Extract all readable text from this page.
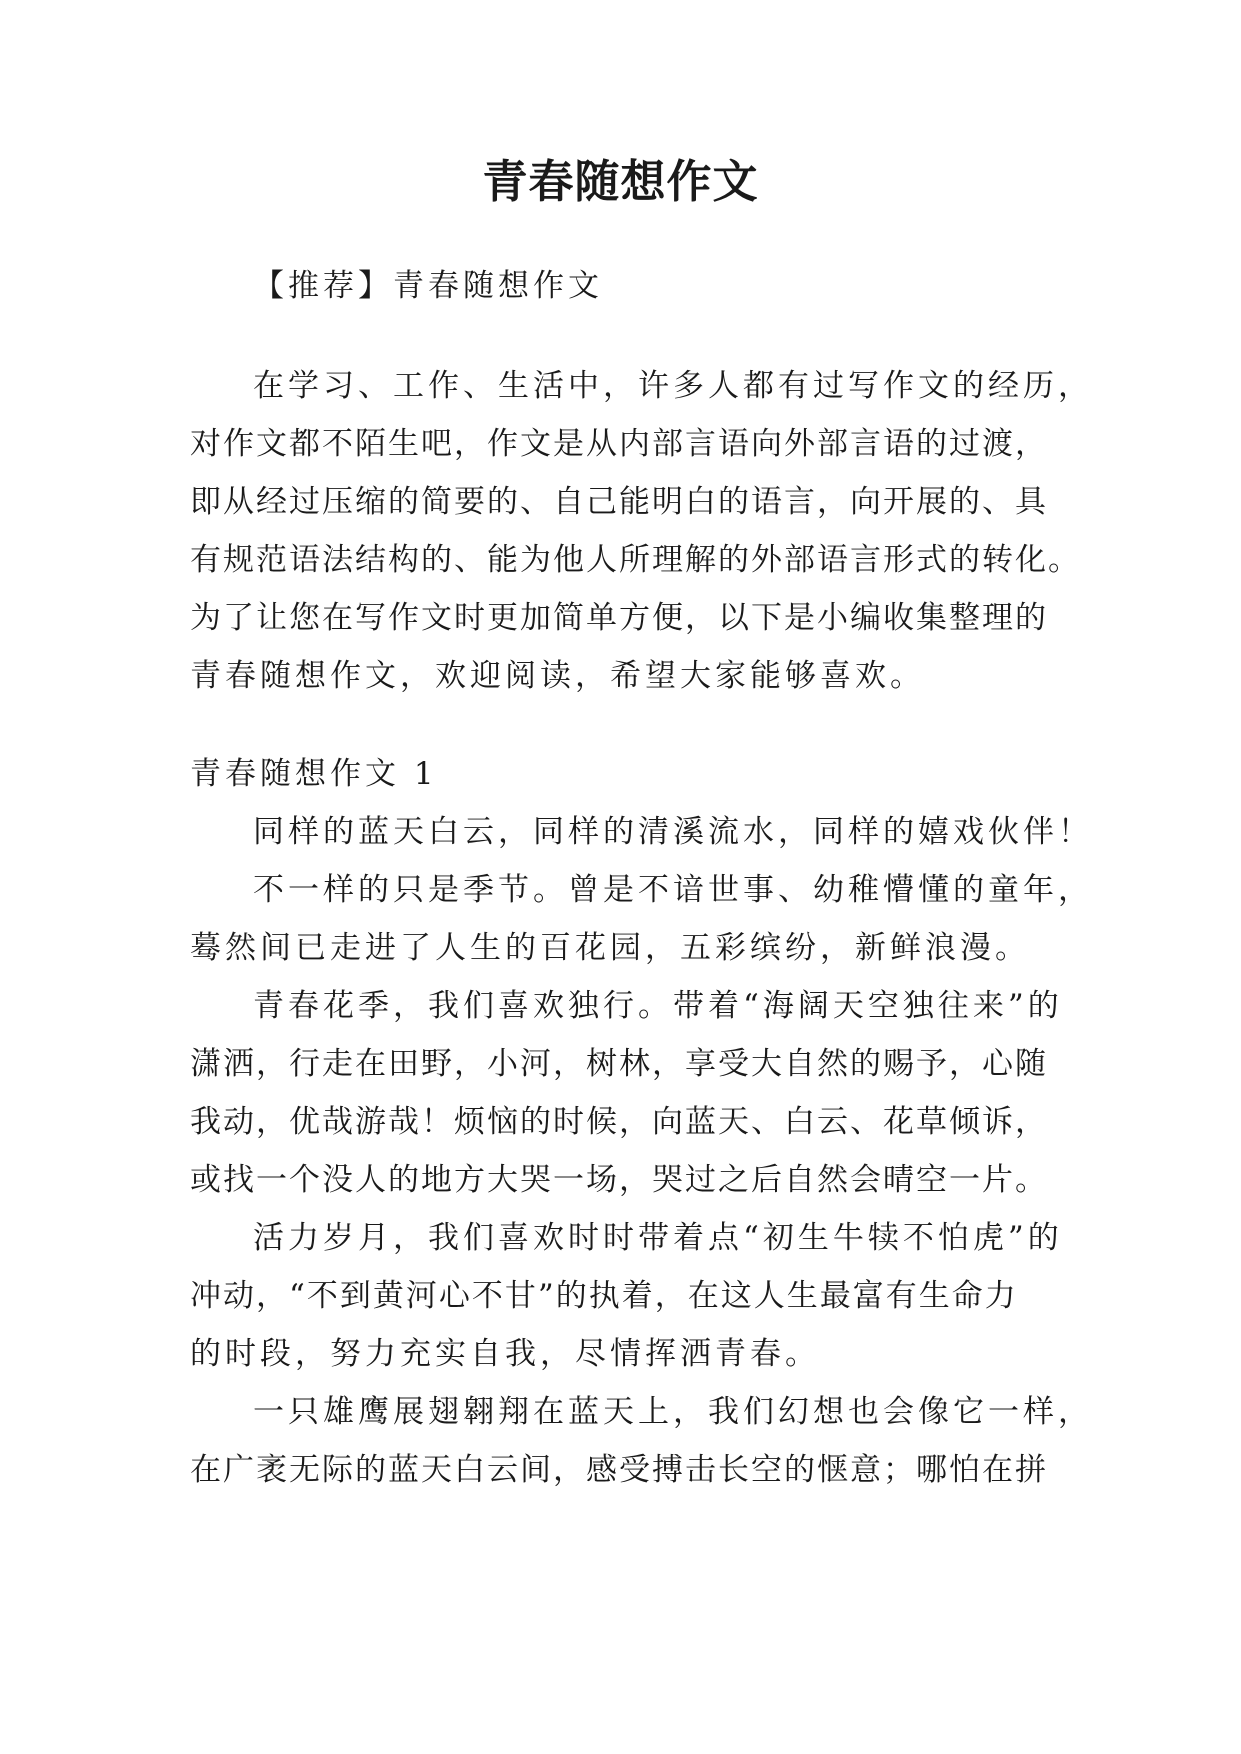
青春随想作文

【推荐】青春随想作文

在学习、工作、生活中，许多人都有过写作文的经历，

对作文都不陌生吧，作文是从内部言语向外部言语的过渡，

即从经过压缩的简要的、自己能明白的语言，向开展的、具

有规范语法结构的、能为他人所理解的外部语言形式的转化。

为了让您在写作文时更加简单方便，以下是小编收集整理的

青春随想作文，欢迎阅读，希望大家能够喜欢。

青春随想作文 1

同样的蓝天白云，同样的清溪流水，同样的嬉戏伙伴！

不一样的只是季节。曾是不谙世事、幼稚懵懂的童年，

蓦然间已走进了人生的百花园，五彩缤纷，新鲜浪漫。

青春花季，我们喜欢独行。带着“海阔天空独往来”的

潇洒，行走在田野，小河，树林，享受大自然的赐予，心随

我动，优哉游哉！烦恼的时候，向蓝天、白云、花草倾诉，

或找一个没人的地方大哭一场，哭过之后自然会晴空一片。

活力岁月，我们喜欢时时带着点“初生牛犊不怕虎”的

冲动，“不到黄河心不甘”的执着，在这人生最富有生命力

的时段，努力充实自我，尽情挥洒青春。

一只雄鹰展翅翱翔在蓝天上，我们幻想也会像它一样，

在广袤无际的蓝天白云间，感受搏击长空的惬意；哪怕在拼
